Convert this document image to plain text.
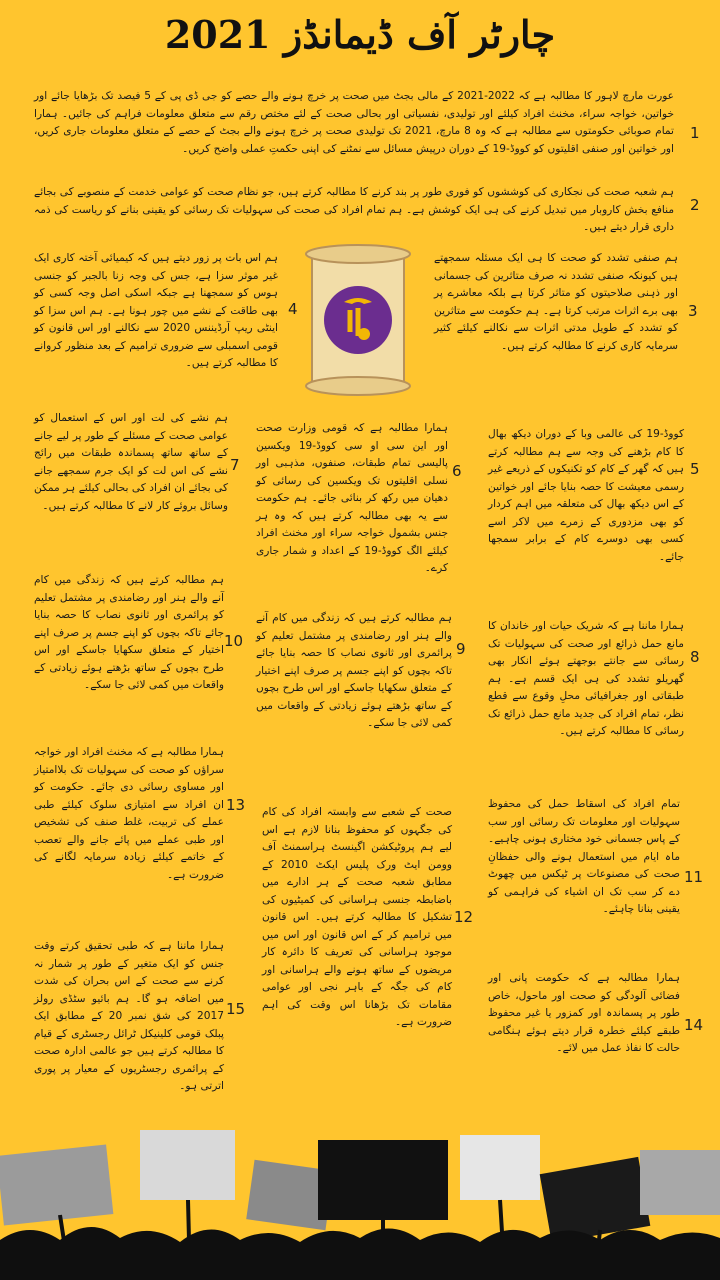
چارٹر آف ڈیمانڈز 2021
1

عورت مارچ لاہور کا مطالبہ ہے کہ 2022-2021 کے مالی بجٹ میں صحت پر خرچ ہونے والے حصے کو جی ڈی پی کے 5 فیصد تک بڑھایا جائے اور خواتین، خواجہ سراء، مخنث افراد کیلئے اور تولیدی، نفسیاتی اور بحالی صحت کے لئے مختص رقم سے متعلق معلومات فراہم کی جائیں۔ ہمارا تمام صوبائی حکومتوں سے مطالبہ ہے کہ وہ 8 مارچ، 2021 تک تولیدی صحت پر خرچ ہونے والے بجٹ کے حصے کے متعلق معلومات جاری کریں، اور خواتین اور صنفی اقلیتوں کو کووڈ-19 کے دوران درپیش مسائل سے نمٹنے کی اپنی حکمتِ عملی واضح کریں۔

2

ہم شعبہ صحت کی نجکاری کی کوششوں کو فوری طور پر بند کرنے کا مطالبہ کرتے ہیں، جو نظام صحت کو عوامی خدمت کے منصوبے کی بجائے منافع بخش کاروبار میں تبدیل کرنے کی ہی ایک کوشش ہے۔ ہم تمام افراد کی صحت کی سہولیات تک رسائی کو یقینی بنانے کو ریاست کی ذمہ داری قرار دیتے ہیں۔

3

ہم صنفی تشدد کو صحت کا ہی ایک مسئلہ سمجھتے ہیں کیونکہ صنفی تشدد نہ صرف متاثرین کی جسمانی اور ذہنی صلاحیتوں کو متاثر کرتا ہے بلکہ معاشرے پر بھی برے اثرات مرتب کرتا ہے۔ ہم حکومت سے متاثرین کو تشدد کے طویل مدتی اثرات سے نکالنے کیلئے کثیر سرمایہ کاری کرنے کا مطالبہ کرتے ہیں۔

4

ہم اس بات پر زور دیتے ہیں کہ کیمیائی آختہ کاری ایک غیر موثر سزا ہے، جس کی وجہ زنا بالجبر کو جنسی ہوس کو سمجھنا ہے جبکہ اسکی اصل وجہ کسی کو بھی طاقت کے نشے میں چور ہونا ہے۔ ہم اس سزا کو اینٹی ریپ آرڈیننس 2020 سے نکالنے اور اس قانون کو قومی اسمبلی سے ضروری ترامیم کے بعد منظور کروانے کا مطالبہ کرتے ہیں۔

5

کووڈ-19 کی عالمی وبا کے دوران دیکھ بھال کا کام بڑھنے کی وجہ سے ہم مطالبہ کرتے ہیں کہ گھر کے کام کو تکنیکوں کے ذریعے غیر رسمی معیشت کا حصہ بنایا جائے اور خواتین کے اس دیکھ بھال کی متعلقہ میں اہم کردار کو بھی مزدوری کے زمرے میں لاکر اسے کسی بھی دوسرے کام کے برابر سمجھا جائے۔

6

ہمارا مطالبہ ہے کہ قومی وزارت صحت اور این سی او سی کووڈ-19 ویکسین پالیسی تمام طبقات، صنفوں، مذہبی اور نسلی اقلیتوں تک ویکسین کی رسائی کو دھیان میں رکھ کر بنائی جائے۔ ہم حکومت سے یہ بھی مطالبہ کرتے ہیں کہ وہ ہر جنس بشمول خواجہ سراء اور مخنث افراد کیلئے الگ کووڈ-19 کے اعداد و شمار جاری کرے۔

7

ہم نشے کی لت اور اس کے استعمال کو عوامی صحت کے مسئلے کے طور پر لیے جانے کے ساتھ ساتھ پسماندہ طبقات میں رائج نشے کی اس لت کو ایک جرم سمجھے جانے کی بجائے ان افراد کی بحالی کیلئے ہر ممکن وسائل بروئے کار لانے کا مطالبہ کرتے ہیں۔

8

ہمارا ماننا ہے کہ شریک حیات اور خاندان کا مانع حمل ذرائع اور صحت کی سہولیات تک رسائی سے جانتے بوجھتے ہوئے انکار بھی گھریلو تشدد کی ہی ایک قسم ہے۔ ہم طبقاتی اور جغرافیائی محلِ وقوع سے قطع نظر، تمام افراد کی جدید مانع حمل ذرائع تک رسائی کا مطالبہ کرتے ہیں۔

9

ہم مطالبہ کرتے ہیں کہ زندگی میں کام آنے والے ہنر اور رضامندی پر مشتمل تعلیم کو پرائمری اور ثانوی نصاب کا حصہ بنایا جائے تاکہ بچوں کو اپنے جسم پر صرف اپنے اختیار کے متعلق سکھایا جاسکے اور اس طرح بچوں کے ساتھ بڑھتے ہوئے زیادتی کے واقعات میں کمی لائی جا سکے۔

10

ہم مطالبہ کرتے ہیں کہ زندگی میں کام آنے والے ہنر اور رضامندی پر مشتمل تعلیم کو پرائمری اور ثانوی نصاب کا حصہ بنایا جائے تاکہ بچوں کو اپنے جسم پر صرف اپنے اختیار کے متعلق سکھایا جاسکے اور اس طرح بچوں کے ساتھ بڑھتے ہوئے زیادتی کے واقعات میں کمی لائی جا سکے۔

11

تمام افراد کی اسقاط حمل کی محفوظ سہولیات اور معلومات تک رسائی اور سب کے پاس جسمانی خود مختاری ہونی چاہیے۔ ماہ ایام میں استعمال ہونے والی حفظانِ صحت کی مصنوعات پر ٹیکس میں چھوٹ دے کر سب تک ان اشیاء کی فراہمی کو یقینی بنانا چاہئے۔

12

صحت کے شعبے سے وابستہ افراد کی کام کی جگہوں کو محفوظ بنانا لازم ہے اس لیے ہم پروٹیکشن اگینسٹ ہراسمنٹ آف وومن ایٹ ورک پلیس ایکٹ 2010 کے مطابق شعبہ صحت کے ہر ادارے میں باضابطہ جنسی ہراسانی کی کمیٹیوں کی تشکیل کا مطالبہ کرتے ہیں۔ اس قانون میں ترامیم کر کے اس قانون اور اس میں موجود ہراسانی کی تعریف کا دائرہ کار مریضوں کے ساتھ ہونے والے ہراسانی اور کام کی جگہ کے باہر نجی اور عوامی مقامات تک بڑھانا اس وقت کی اہم ضرورت ہے۔

13

ہمارا مطالبہ ہے کہ مخنث افراد اور خواجہ سراؤں کو صحت کی سہولیات تک بلاامتیاز اور مساوی رسائی دی جائے۔ حکومت کو ان افراد سے امتیازی سلوک کیلئے طبی عملے کی تربیت، غلط صنف کی تشخیص اور طبی عملے میں پائے جانے والے تعصب کے خاتمے کیلئے زیادہ سرمایہ لگانے کی ضرورت ہے۔

14

ہمارا مطالبہ ہے کہ حکومت پانی اور فضائی آلودگی کو صحت اور ماحول، خاص طور پر پسماندہ اور کمزور یا غیر محفوظ طبقے کیلئے خطرہ قرار دیتے ہوئے ہنگامی حالت کا نفاذ عمل میں لائے۔

15

ہمارا ماننا ہے کہ طبی تحقیق کرتے وقت جنس کو ایک متغیر کے طور پر شمار نہ کرنے سے صحت کے اس بحران کی شدت میں اضافہ ہو گا۔ ہم بائیو سٹڈی رولز 2017 کی شق نمبر 20 کے مطابق ایک پبلک قومی کلینیکل ٹرائل رجسٹری کے قیام کا مطالبہ کرتے ہیں جو عالمی ادارہ صحت کے پرائمری رجسٹریوں کے معیار پر پوری اترتی ہو۔
